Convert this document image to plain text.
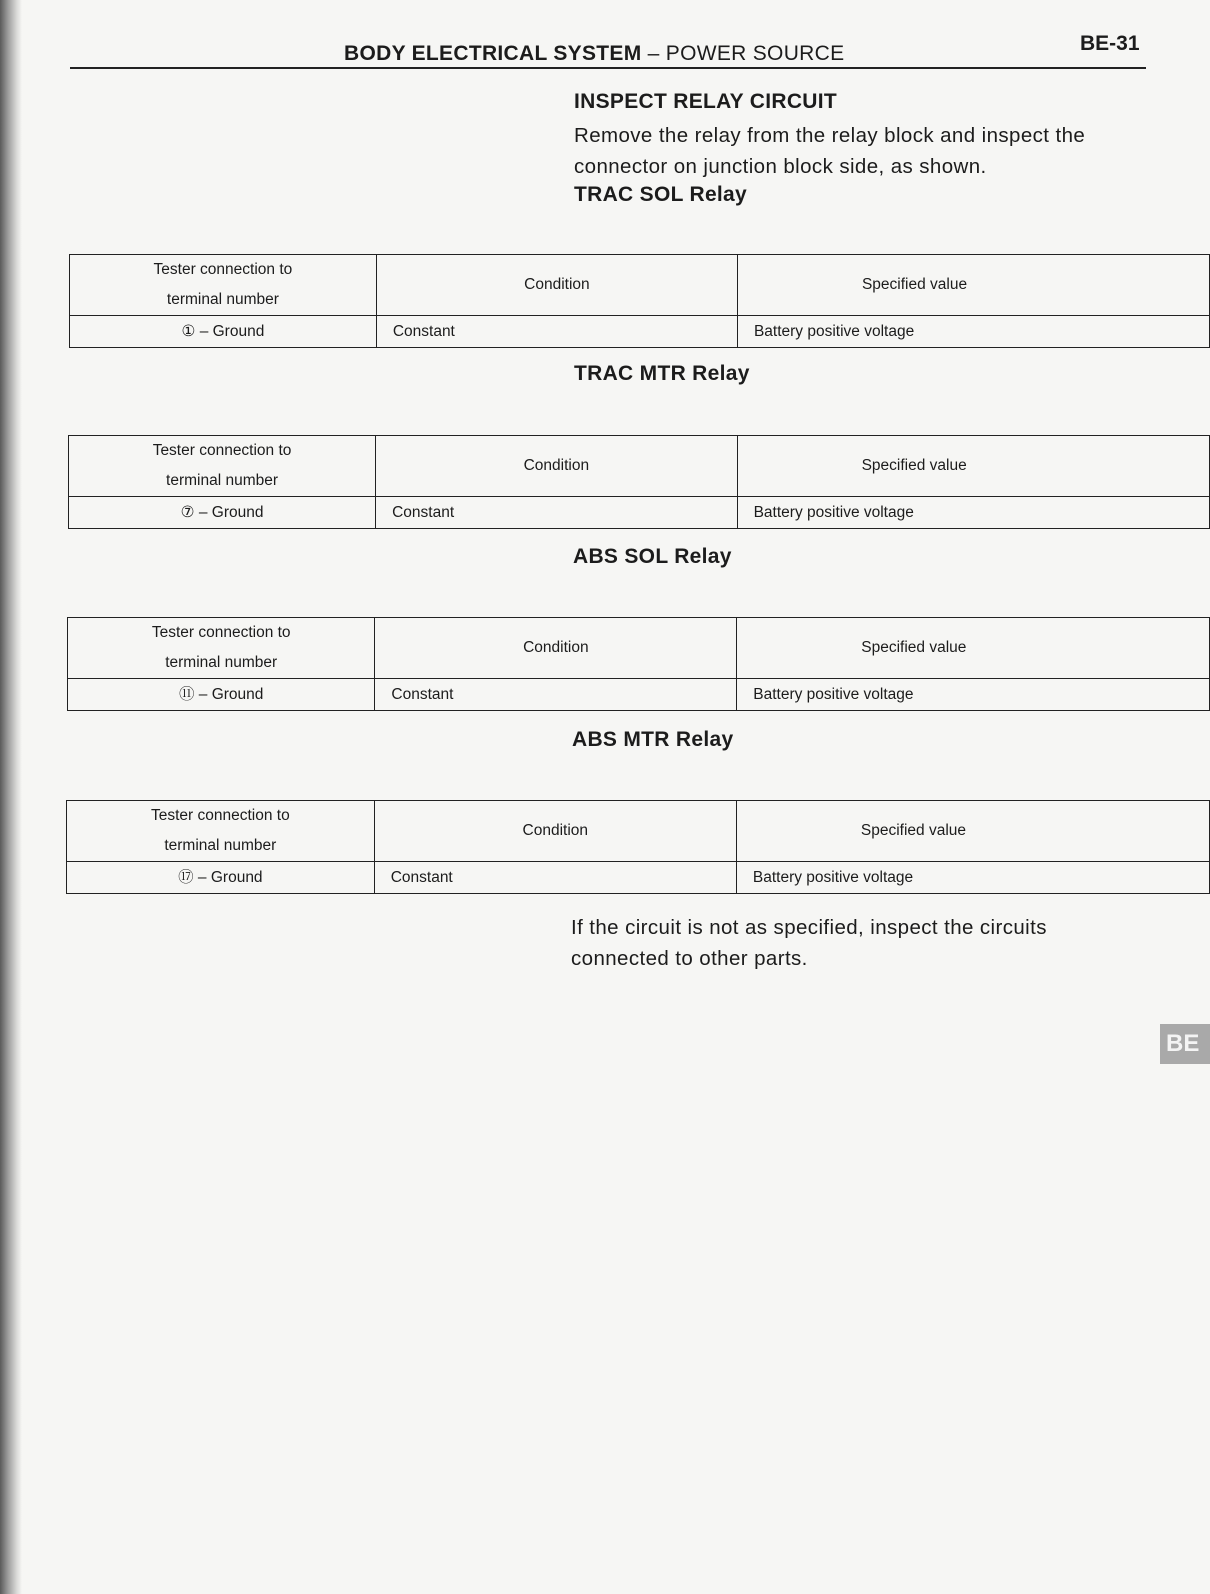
BODY ELECTRICAL SYSTEM – POWER SOURCE	BE-31
INSPECT RELAY CIRCUIT
Remove the relay from the relay block and inspect the
connector on junction block side, as shown.
TRAC SOL Relay
Tester connection to
terminal number	Condition	Specified value
① – Ground	Constant	Battery positive voltage
TRAC MTR Relay
Tester connection to
terminal number	Condition	Specified value
⑦ – Ground	Constant	Battery positive voltage
ABS SOL Relay
Tester connection to
terminal number	Condition	Specified value
⑪ – Ground	Constant	Battery positive voltage
ABS MTR Relay
Tester connection to
terminal number	Condition	Specified value
⑰ – Ground	Constant	Battery positive voltage
If the circuit is not as specified, inspect the circuits
connected to other parts.
BE
